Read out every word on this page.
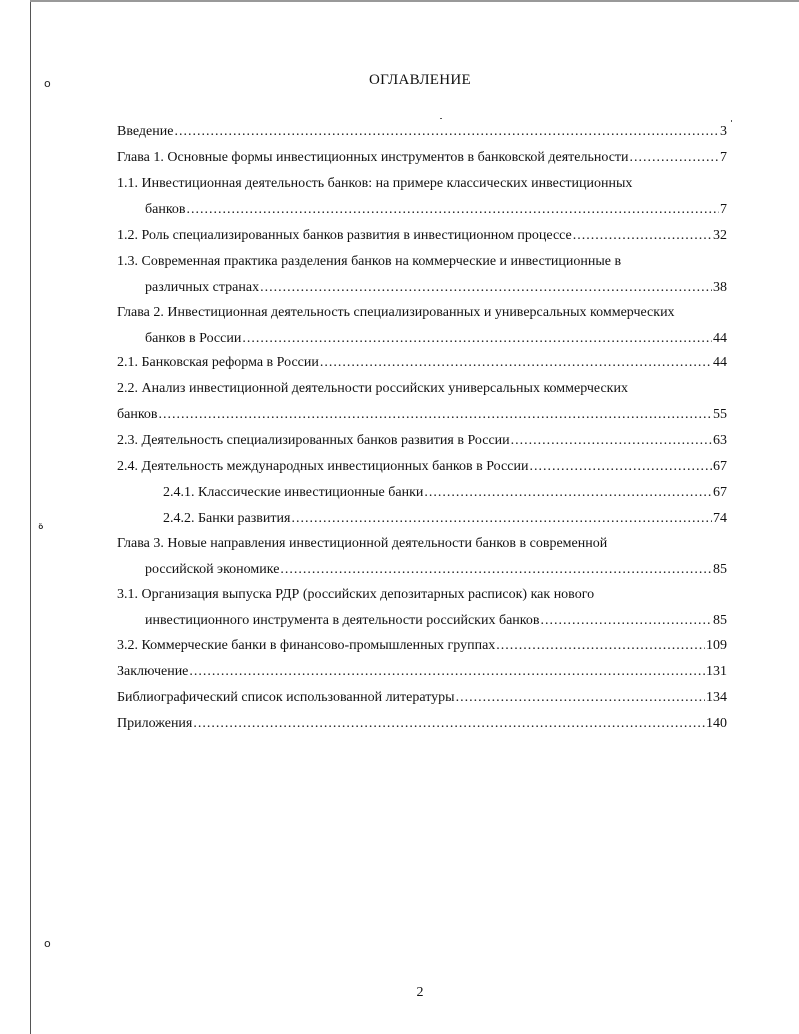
o
ة
o
ОГЛАВЛЕНИЕ
Введение .....	3
Глава 1. Основные формы инвестиционных инструментов в банковской деятельности .....	7
1.1. Инвестиционная деятельность банков: на примере классических инвестиционных
банков .....	7
1.2. Роль специализированных банков развития в инвестиционном процессе .....	32
1.3. Современная практика разделения банков на коммерческие и инвестиционные в
различных странах .....	38
Глава 2. Инвестиционная деятельность специализированных и универсальных коммерческих
банков в России .....	44
2.1. Банковская реформа в России .....	44
2.2. Анализ инвестиционной деятельности российских универсальных коммерческих
банков .....	55
2.3. Деятельность специализированных банков развития в России .....	63
2.4. Деятельность международных инвестиционных банков в России .....	67
2.4.1. Классические инвестиционные банки .....	67
2.4.2. Банки развития .....	74
Глава 3. Новые направления инвестиционной деятельности банков в современной
российской экономике .....	85
3.1. Организация выпуска РДР (российских депозитарных расписок) как нового
инвестиционного инструмента в деятельности российских банков .....	85
3.2. Коммерческие банки в финансово-промышленных группах .....	109
Заключение .....	131
Библиографический список использованной литературы .....	134
Приложения .....	140
2
